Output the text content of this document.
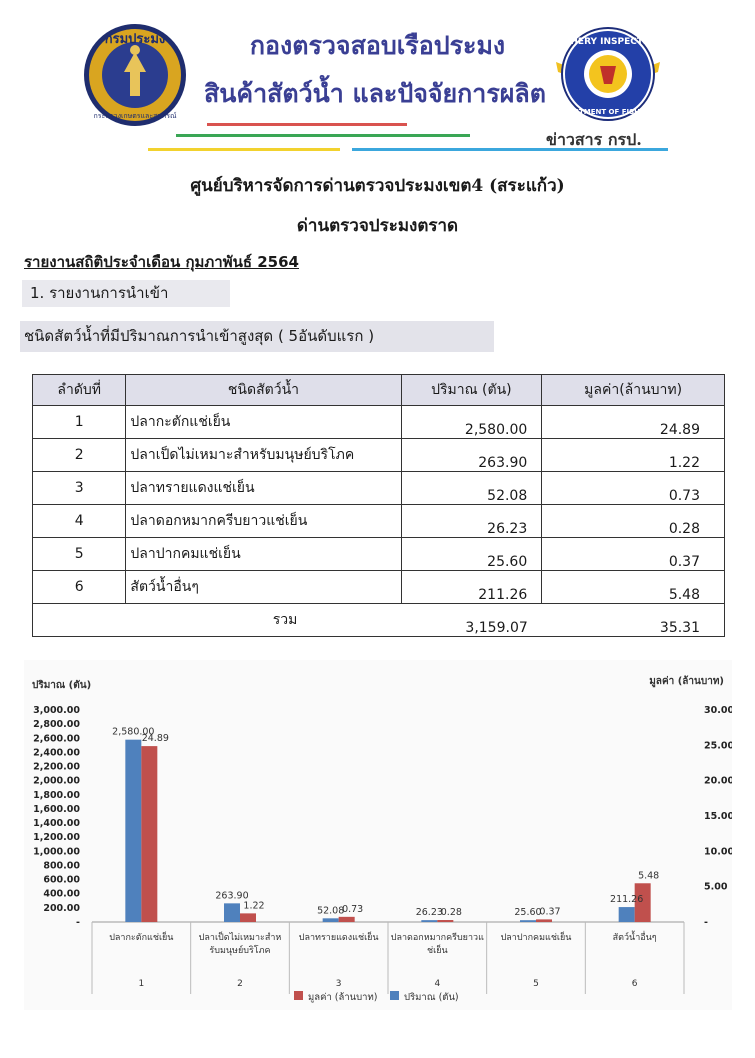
กรมประมง
กระทรวงเกษตรและสหกรณ์
กองตรวจสอบเรือประมง
สินค้าสัตว์น้ำ และปัจจัยการผลิต
FISHERY INSPECTION
DEPARTMENT OF FISHERIES
ข่าวสาร กรป.
ศูนย์บริหารจัดการด่านตรวจประมงเขต4 (สระแก้ว)
ด่านตรวจประมงตราด
รายงานสถิติประจำเดือน กุมภาพันธ์ 2564
1. รายงานการนำเข้า
ชนิดสัตว์น้ำที่มีปริมาณการนำเข้าสูงสุด ( 5อันดับแรก )
ลำดับที่	ชนิดสัตว์น้ำ	ปริมาณ (ตัน)	มูลค่า(ล้านบาท)
1	ปลากะตักแช่เย็น	2,580.00	24.89
2	ปลาเป็ดไม่เหมาะสำหรับมนุษย์บริโภค	263.90	1.22
3	ปลาทรายแดงแช่เย็น	52.08	0.73
4	ปลาดอกหมากครีบยาวแช่เย็น	26.23	0.28
5	ปลาปากคมแช่เย็น	25.60	0.37
6	สัตว์น้ำอื่นๆ	211.26	5.48
รวม		3,159.07	35.31
ปริมาณ (ตัน)	มูลค่า (ล้านบาท)
-
200.00
400.00
600.00
800.00
1,000.00
1,200.00
1,400.00
1,600.00
1,800.00
2,000.00
2,200.00
2,400.00
2,600.00
2,800.00
3,000.00
-
5.00
10.00
15.00
20.00
25.00
30.00
2,580.00
24.89
ปลากะตักแช่เย็น
1
263.90
1.22
ปลาเป็ดไม่เหมาะสำห
รับมนุษย์บริโภค
2
52.08
0.73
ปลาทรายแดงแช่เย็น
3
26.23
0.28
ปลาดอกหมากครีบยาวแ
ช่เย็น
4
25.60
0.37
ปลาปากคมแช่เย็น
5
211.26
5.48
สัตว์น้ำอื่นๆ
6
มูลค่า (ล้านบาท)	ปริมาณ (ตัน)
